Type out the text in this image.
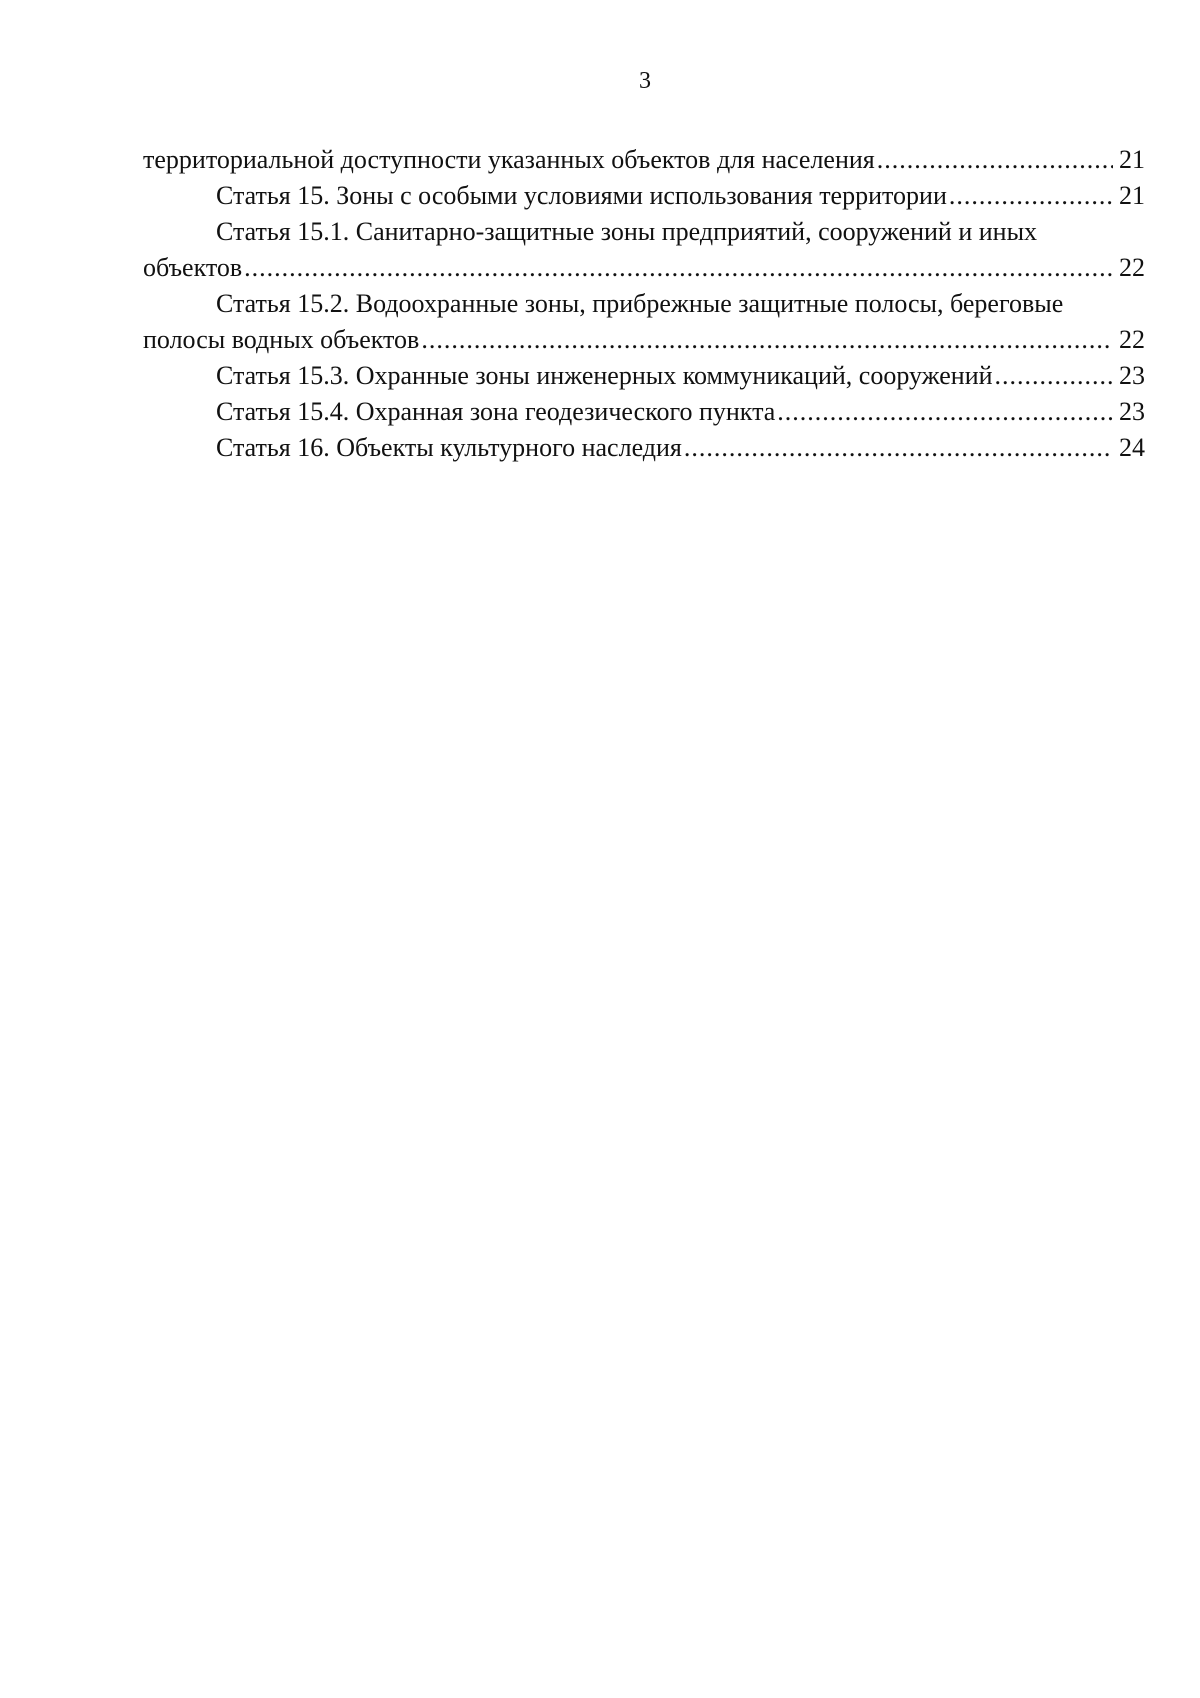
3
территориальной доступности указанных объектов для населения .....	21
Статья 15. Зоны с особыми условиями использования территории .....	21
Статья 15.1. Санитарно-защитные зоны предприятий, сооружений и иных
объектов .....	22
Статья 15.2. Водоохранные зоны, прибрежные защитные полосы, береговые
полосы водных объектов .....	22
Статья 15.3. Охранные зоны инженерных коммуникаций, сооружений .....	23
Статья 15.4. Охранная зона геодезического пункта .....	23
Статья 16. Объекты культурного наследия .....	24
